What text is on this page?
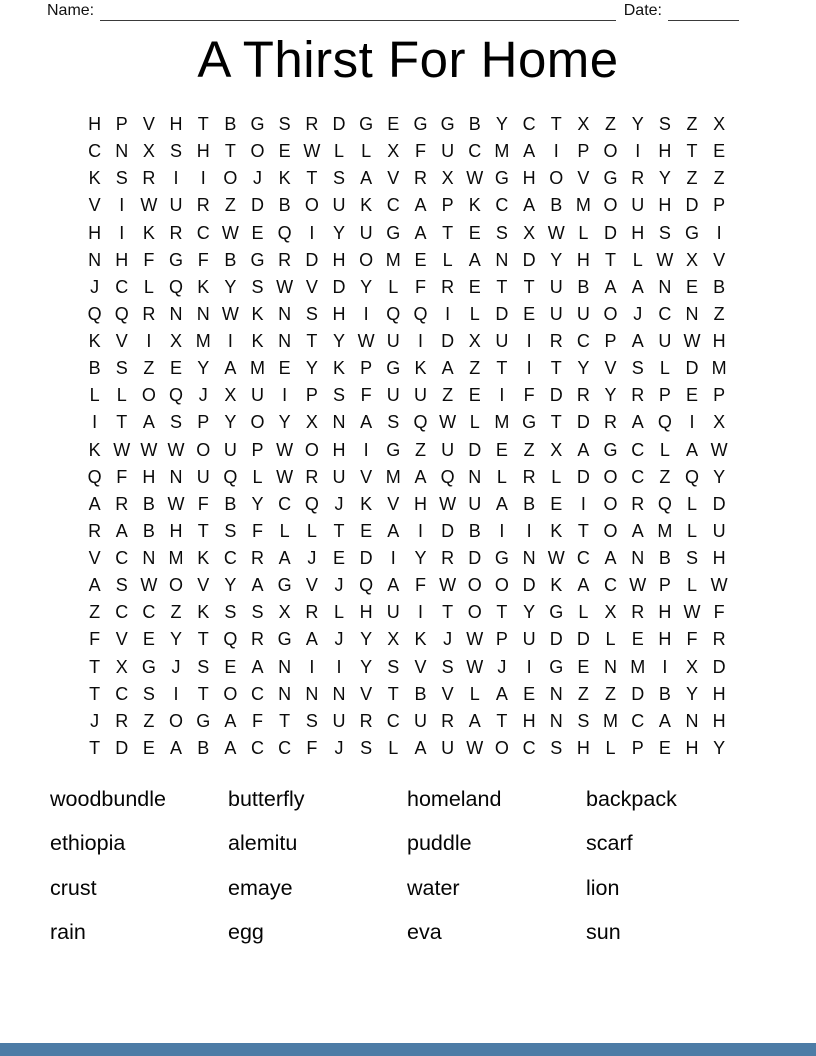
Name:	Date:
A Thirst For Home
H P V H T B G S R D G E G G B Y C T X Z Y S Z X
C N X S H T O E W L L X F U C M A	I	P O I	H T E
K S R	I	I O J K T S A V R X W G H O V G R Y Z Z
V	I W U R Z D B O U K C A P K C A B M O U H D P
H	I	K R C W E Q I	Y U G A T E S X W L D H S G I
N H F G F B G R D H O M E L A N D Y H T L W X V
J C L Q K Y S W V D Y L F R E T T U B A A N E B
Q Q R N N W K N S H	I Q Q I	L D E U U O J C N Z
K V	I	X M I	K N T Y W U	I	D X U	I	R C P A U W H
B S Z E Y A M E Y K P G K A Z T	I	T Y V S L D M
L L O Q J X U	I	P S F U U Z E	I	F D R Y R P E P
I	T A S P Y O Y X N A S Q W L M G T D R A Q I	X
K W W W O U P W O H	I G Z U D E Z X A G C L A W
Q F H N U Q L W R U V M A Q N L R L D O C Z Q Y
A R B W F B Y C Q J K V H W U A B E	I O R Q L D
R A B H T S F L L T E A	I	D B	I	I	K T O A M L U
V C N M K C R A J E D	I	Y R D G N W C A N B S H
A S W O V Y A G V J Q A F W O O D K A C W P L W
Z C C Z K S S X R L H U	I	T O T Y G L X R H W F
F V E Y T Q R G A J Y X K J W P U D D L E H F R
T X G J S E A N	I	I	Y S V S W J	I G E N M I	X D
T C S	I	T O C N N N V T B V L A E N Z Z D B Y H
J R Z O G A F T S U R C U R A T H N S M C A N H
T D E A B A C C F J S L A U W O C S H L P E H Y
woodbundle	butterfly	homeland	backpack
ethiopia	alemitu	puddle	scarf
crust	emaye	water	lion
rain	egg	eva	sun
